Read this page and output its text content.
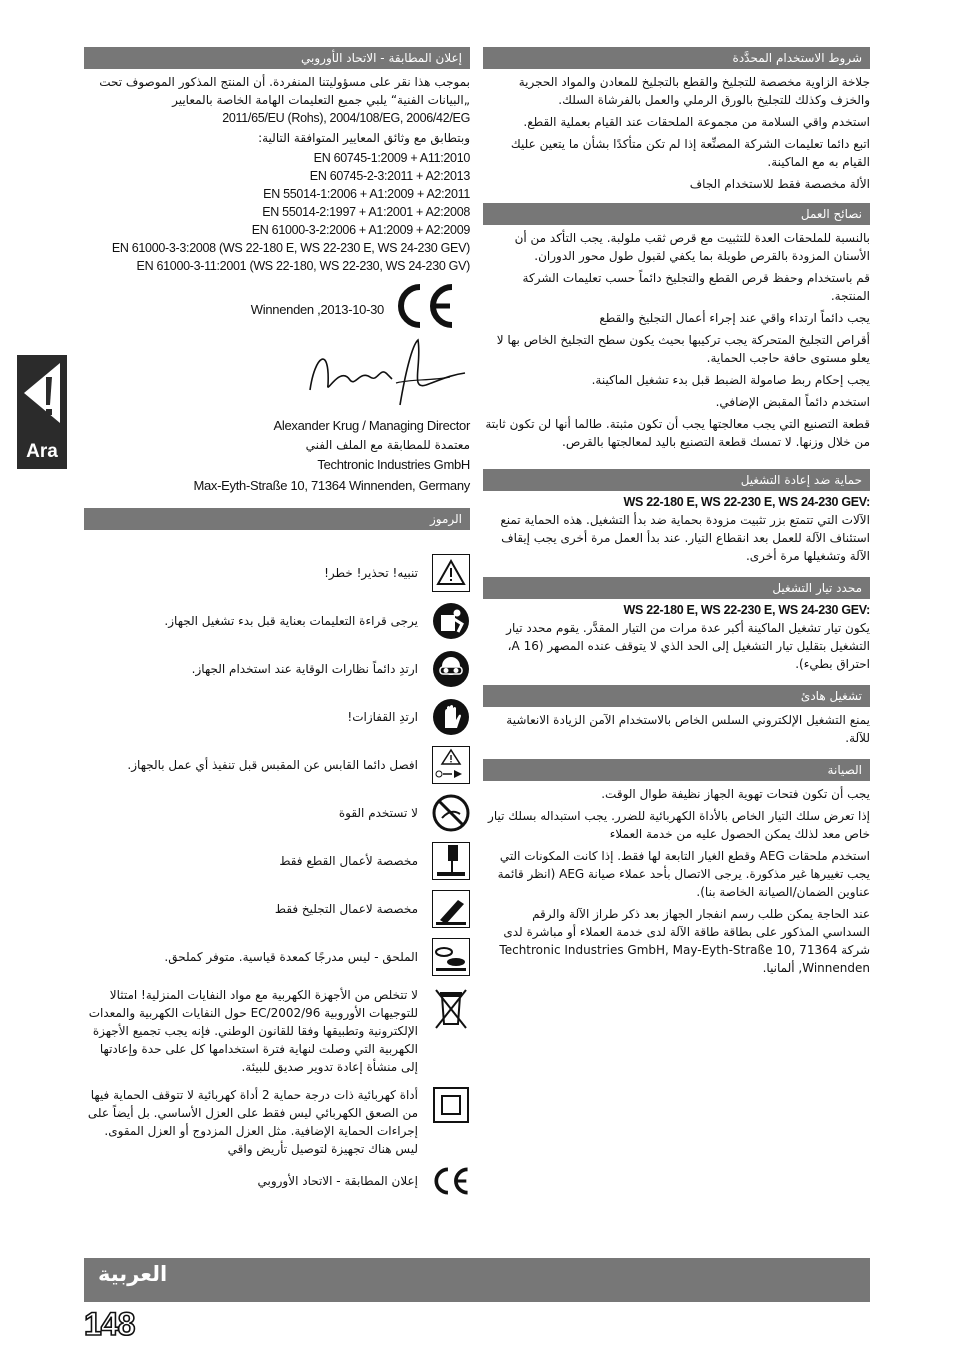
إعلان المطابقة - الاتحاد الأوروبي

بموجب هذا نقر على مسؤوليتنا المنفردة. أن المنتج المذكور الموصوف تحت „البيانات الفنية“ يلبي جميع التعليمات الهامة الخاصة بالمعايير

2011/65/EU (Rohs), 2004/108/EG, 2006/42/EG

وبتطابق مع وثائق المعايير المتوافقة التالية:

EN 60745-1:2009 + A11:2010
EN 60745-2-3:2011 + A2:2013
EN 55014-1:2006 + A1:2009 + A2:2011
EN 55014-2:1997 + A1:2001 + A2:2008
EN 61000-3-2:2006 + A1:2009 + A2:2009
EN 61000-3-3:2008 (WS 22-180 E, WS 22-230 E, WS 24-230 GEV)
EN 61000-3-11:2001 (WS 22-180, WS 22-230, WS 24-230 GV)
Winnenden ,2013-10-30
Alexander Krug / Managing Director

معتمدة للمطابقة مع الملف الفني

Techtronic Industries GmbH
Max-Eyth-Straße 10, 71364 Winnenden, Germany
الرموز

تنبيه! تحذير! خطر!

يرجى قراءة التعليمات بعناية قبل بدء تشغيل الجهاز.

ارتدِ دائماً نظارات الوقاية عند استخدام الجهاز.

ارتدِ القفازات!

افصل دائما القابس عن المقبس قبل تنفيذ أي عمل بالجهاز.

لا تستخدم القوة

مخصصة لأعمال القطع فقط

مخصصة لاعمال التجليخ فقط

الملحق - ليس مدرجًا كمعدة قياسية. متوفر كملحق.

لا تتخلص من الأجهزة الكهربية مع مواد النفايات المنزلية! امتثالا للتوجيهات الأوروبية EC/2002/96 حول النفايات الكهربية والمعدات الإلكترونية وتطبيقها وفقا للقانون الوطني. فإنه يجب تجميع الأجهزة الكهربية التي وصلت لنهاية فترة استخدامها كل على حدة وإعادتها إلى منشأة إعادة تدوير صديق للبيئة.

أداة كهربائية ذات درجة حماية 2 أداة كهربائية لا تتوقف الحماية فيها من الصعق الكهربائي ليس فقط على العزل الأساسي. بل أيضاً على إجراءات الحماية الإضافية. مثل العزل المزدوج أو العزل المقوى. ليس هناك تجهيزة لتوصيل تأريض واقي

إعلان المطابقة - الاتحاد الأوروبي

شروط الاستخدام المحدَّدة

جلاخة الزاوية مخصصة للتجليخ والقطع بالتجليخ للمعادن والمواد الحجرية والخزف وكذلك للتجليخ بالورق الرملي والعمل بالفرشاة السلك.

استخدم واقي السلامة من مجموعة الملحقات عند القيام بعملية القطع.

اتبع دائما تعليمات الشركة المصنِّعة إذا لم تكن متأكدًا بشأن ما يتعين عليك القيام به مع الماكينة.

الألة مخصصة فقط للاستخدام الجاف

نصائح العمل

بالنسبة للملحقات العدة للتثبيت مع قرص ثقب ملولبة. يجب التأكد من أن الأسنان المزودة بالقرص طويلة بما يكفي لقبول طول محور الدوران.

قم باستخدام وحفظ قرص القطع والتجليخ دائماً حسب تعليمات الشركة المنتجة.

يجب دائماً ارتداء واقي عند إجراء أعمال التجليخ والقطع

أقراص التجليخ المتحركة يجب تركيبها بحيث يكون سطح التجليخ الخاص بها لا يعلو مستوى حافة حاجب الحماية.

يجب إحكام ربط صامولة الضبط قبل بدء تشغيل الماكينة.

استخدم دائماً المقبض الإضافي.

قطعة التصنيع التي يجب معالجتها يجب أن تكون مثبتة. طالما أنها لن تكون ثابتة من خلال وزنها. لا تمسك قطعة التصنيع باليد لمعالجتها بالقرص.

حماية ضد إعادة التشغيل
WS 22-180 E, WS 22-230 E, WS 24-230 GEV:

الآلات التي تتمتع بزر تثبيت مزودة بحماية ضد بدأ التشغيل. هذه الحماية تمنع استئناف الآلة للعمل بعد انقطاع التيار. عند بدأ العمل مرة أخرى يجب إيقاف الآلة وتشغيلها مرة أخرى.

محدد تيار التشغيل
WS 22-180 E, WS 22-230 E, WS 24-230 GEV:

يكون تيار تشغيل الماكينة أكبر عدة مرات من التيار المقدَّر. يقوم محدد تيار التشغيل بتقليل تيار التشغيل إلى الحد الذي لا يتوقف عنده المصهر (16 A، احتراق بطيء).

تشغيل هادئ

يمنع التشغيل الإلكتروني السلس الخاص بالاستخدام الآمن الزيادة الانعاشية للآلة.

الصيانة

يجب أن تكون فتحات تهوية الجهاز نظيفة طوال الوقت.

إذا تعرض سلك التيار الخاص بالأداة الكهربائية للضرر. يجب استبداله بسلك تيار خاص معد لذلك يمكن الحصول عليه من خدمة العملاء

استخدم ملحقات AEG وقطع الغيار التابعة لها فقط. إذا كانت المكونات التي يجب تغييرها غير مذكورة. يرجى الاتصال بأحد عملاء صيانة AEG (انظر قائمة عناوين الضمان/الصيانة الخاصة بنا).

عند الحاجة يمكن طلب رسم انفجار الجهاز بعد ذكر طراز الآلة والرقم السداسي المذكور على بطاقة طاقة الآلة لدى خدمة العملاء أو مباشرة لدى شركة Techtronic Industries GmbH, May-Eyth-Straße 10, 71364 Winnenden, ألمانيا.

Ara
العربية
148
